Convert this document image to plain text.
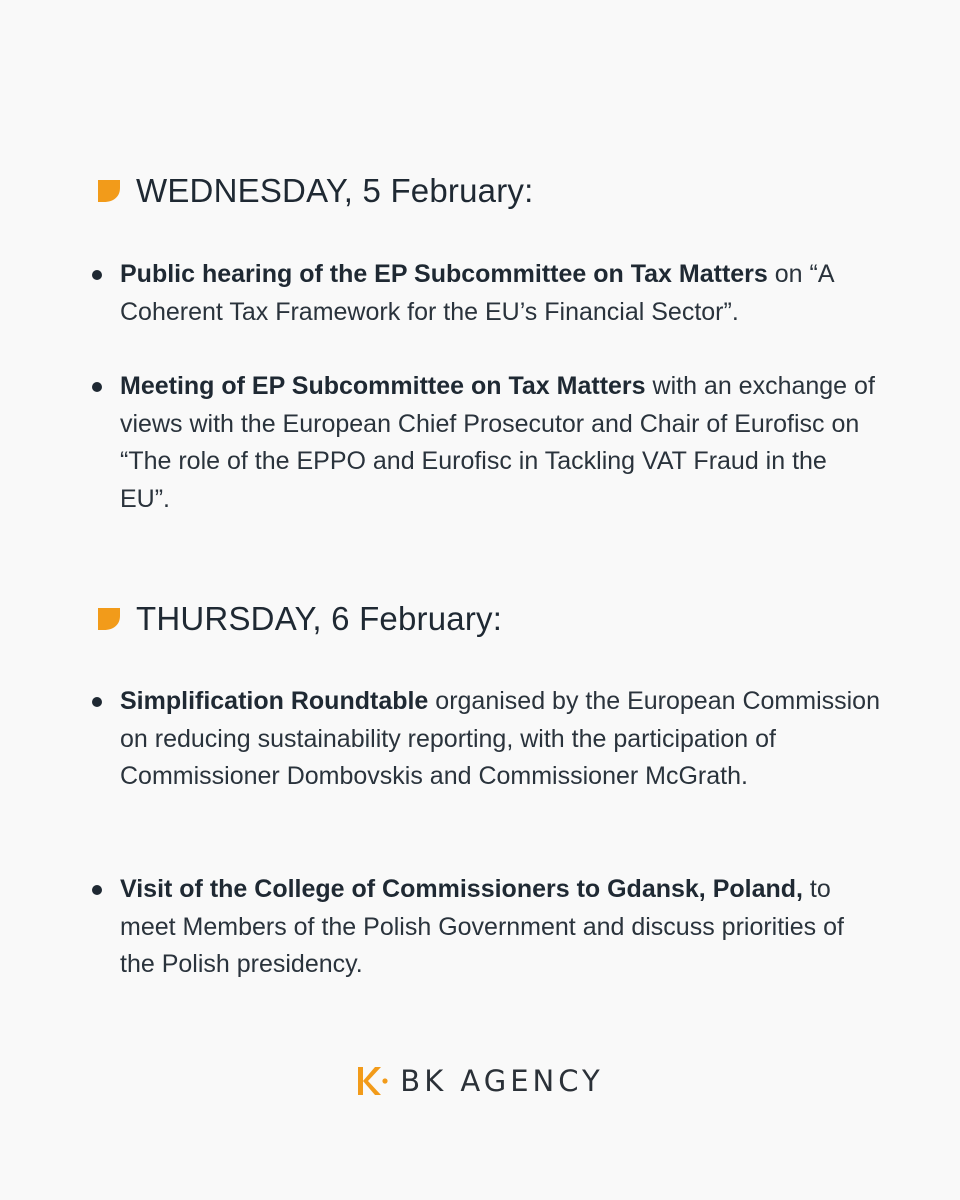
WEDNESDAY, 5 February:
Public hearing of the EP Subcommittee on Tax Matters on “A Coherent Tax Framework for the EU’s Financial Sector”.
Meeting of EP Subcommittee on Tax Matters with an exchange of views with the European Chief Prosecutor and Chair of Eurofisc on “The role of the EPPO and Eurofisc in Tackling VAT Fraud in the EU”.
THURSDAY, 6 February:
Simplification Roundtable organised by the European Commission on reducing sustainability reporting, with the participation of Commissioner Dombovskis and Commissioner McGrath.
Visit of the College of Commissioners to Gdansk, Poland, to meet Members of the Polish Government and discuss priorities of the Polish presidency.
BK AGENCY
